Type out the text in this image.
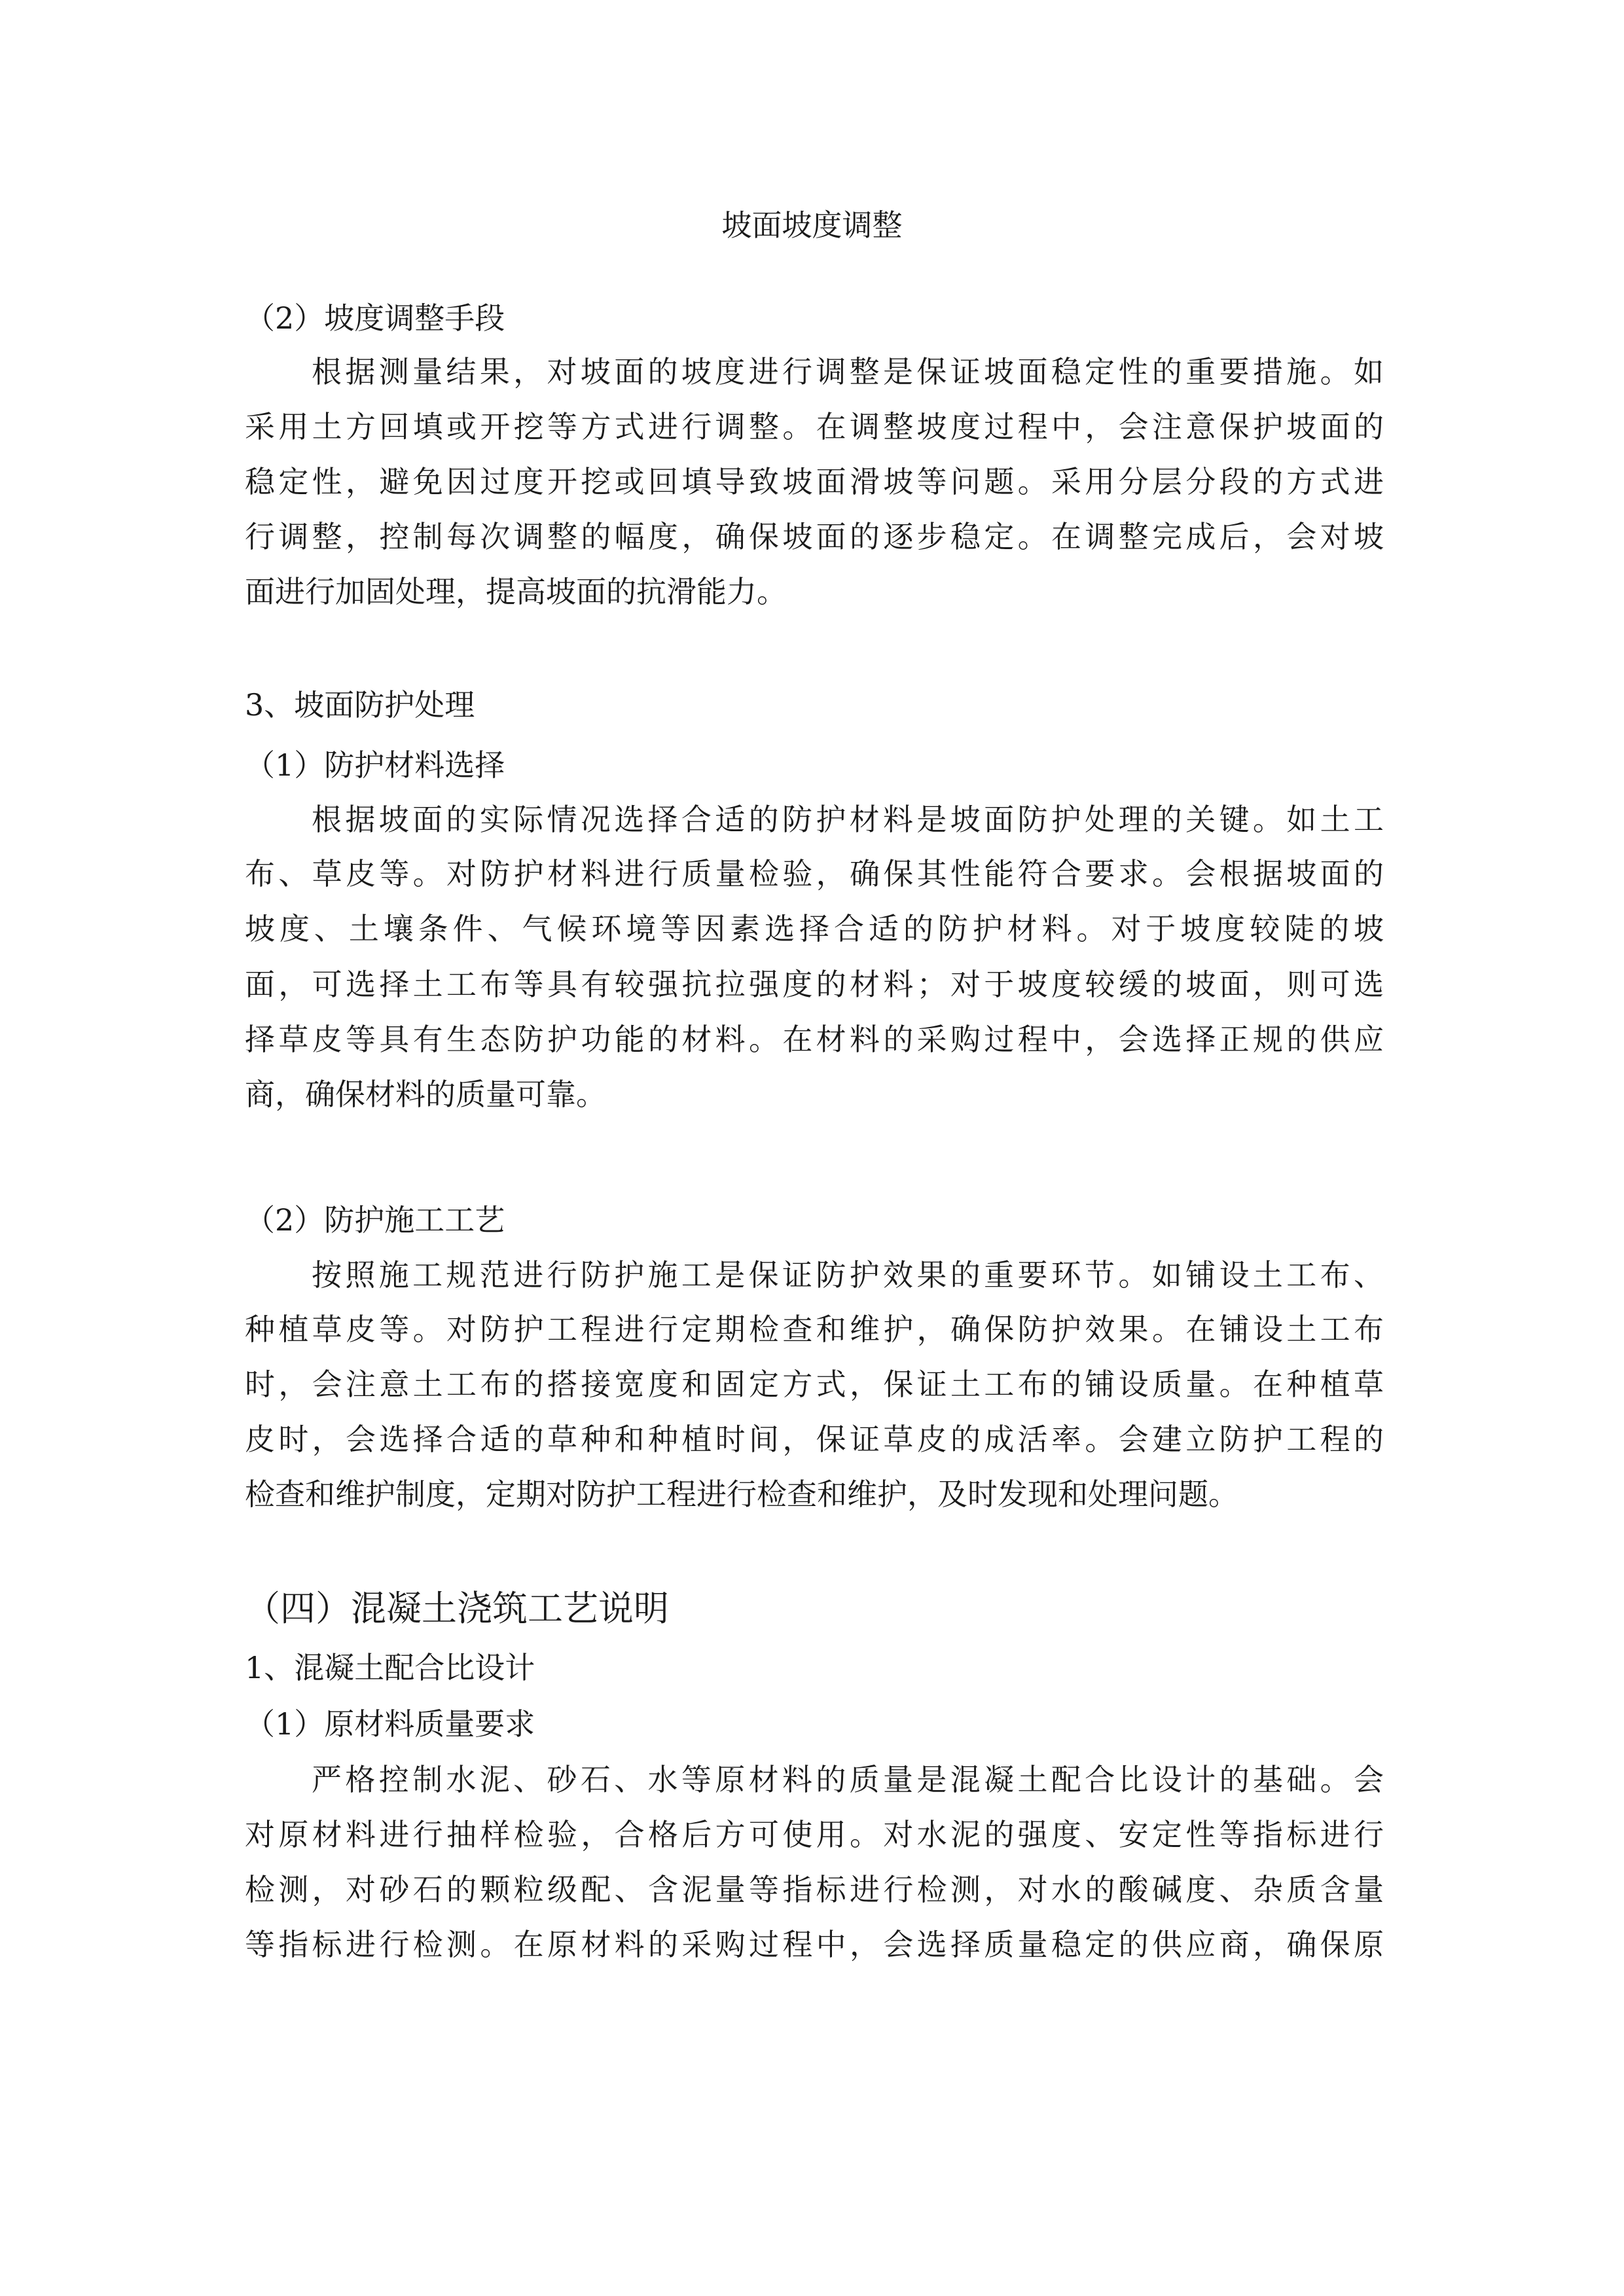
坡面坡度调整
（2）坡度调整手段
根据测量结果，对坡面的坡度进行调整是保证坡面稳定性的重要措施。如
采用土方回填或开挖等方式进行调整。在调整坡度过程中，会注意保护坡面的
稳定性，避免因过度开挖或回填导致坡面滑坡等问题。采用分层分段的方式进
行调整，控制每次调整的幅度，确保坡面的逐步稳定。在调整完成后，会对坡
面进行加固处理，提高坡面的抗滑能力。
3、坡面防护处理
（1）防护材料选择
根据坡面的实际情况选择合适的防护材料是坡面防护处理的关键。如土工
布、草皮等。对防护材料进行质量检验，确保其性能符合要求。会根据坡面的
坡度、土壤条件、气候环境等因素选择合适的防护材料。对于坡度较陡的坡
面，可选择土工布等具有较强抗拉强度的材料；对于坡度较缓的坡面，则可选
择草皮等具有生态防护功能的材料。在材料的采购过程中，会选择正规的供应
商，确保材料的质量可靠。
（2）防护施工工艺
按照施工规范进行防护施工是保证防护效果的重要环节。如铺设土工布、
种植草皮等。对防护工程进行定期检查和维护，确保防护效果。在铺设土工布
时，会注意土工布的搭接宽度和固定方式，保证土工布的铺设质量。在种植草
皮时，会选择合适的草种和种植时间，保证草皮的成活率。会建立防护工程的
检查和维护制度，定期对防护工程进行检查和维护，及时发现和处理问题。
（四）混凝土浇筑工艺说明
1、混凝土配合比设计
（1）原材料质量要求
严格控制水泥、砂石、水等原材料的质量是混凝土配合比设计的基础。会
对原材料进行抽样检验，合格后方可使用。对水泥的强度、安定性等指标进行
检测，对砂石的颗粒级配、含泥量等指标进行检测，对水的酸碱度、杂质含量
等指标进行检测。在原材料的采购过程中，会选择质量稳定的供应商，确保原
